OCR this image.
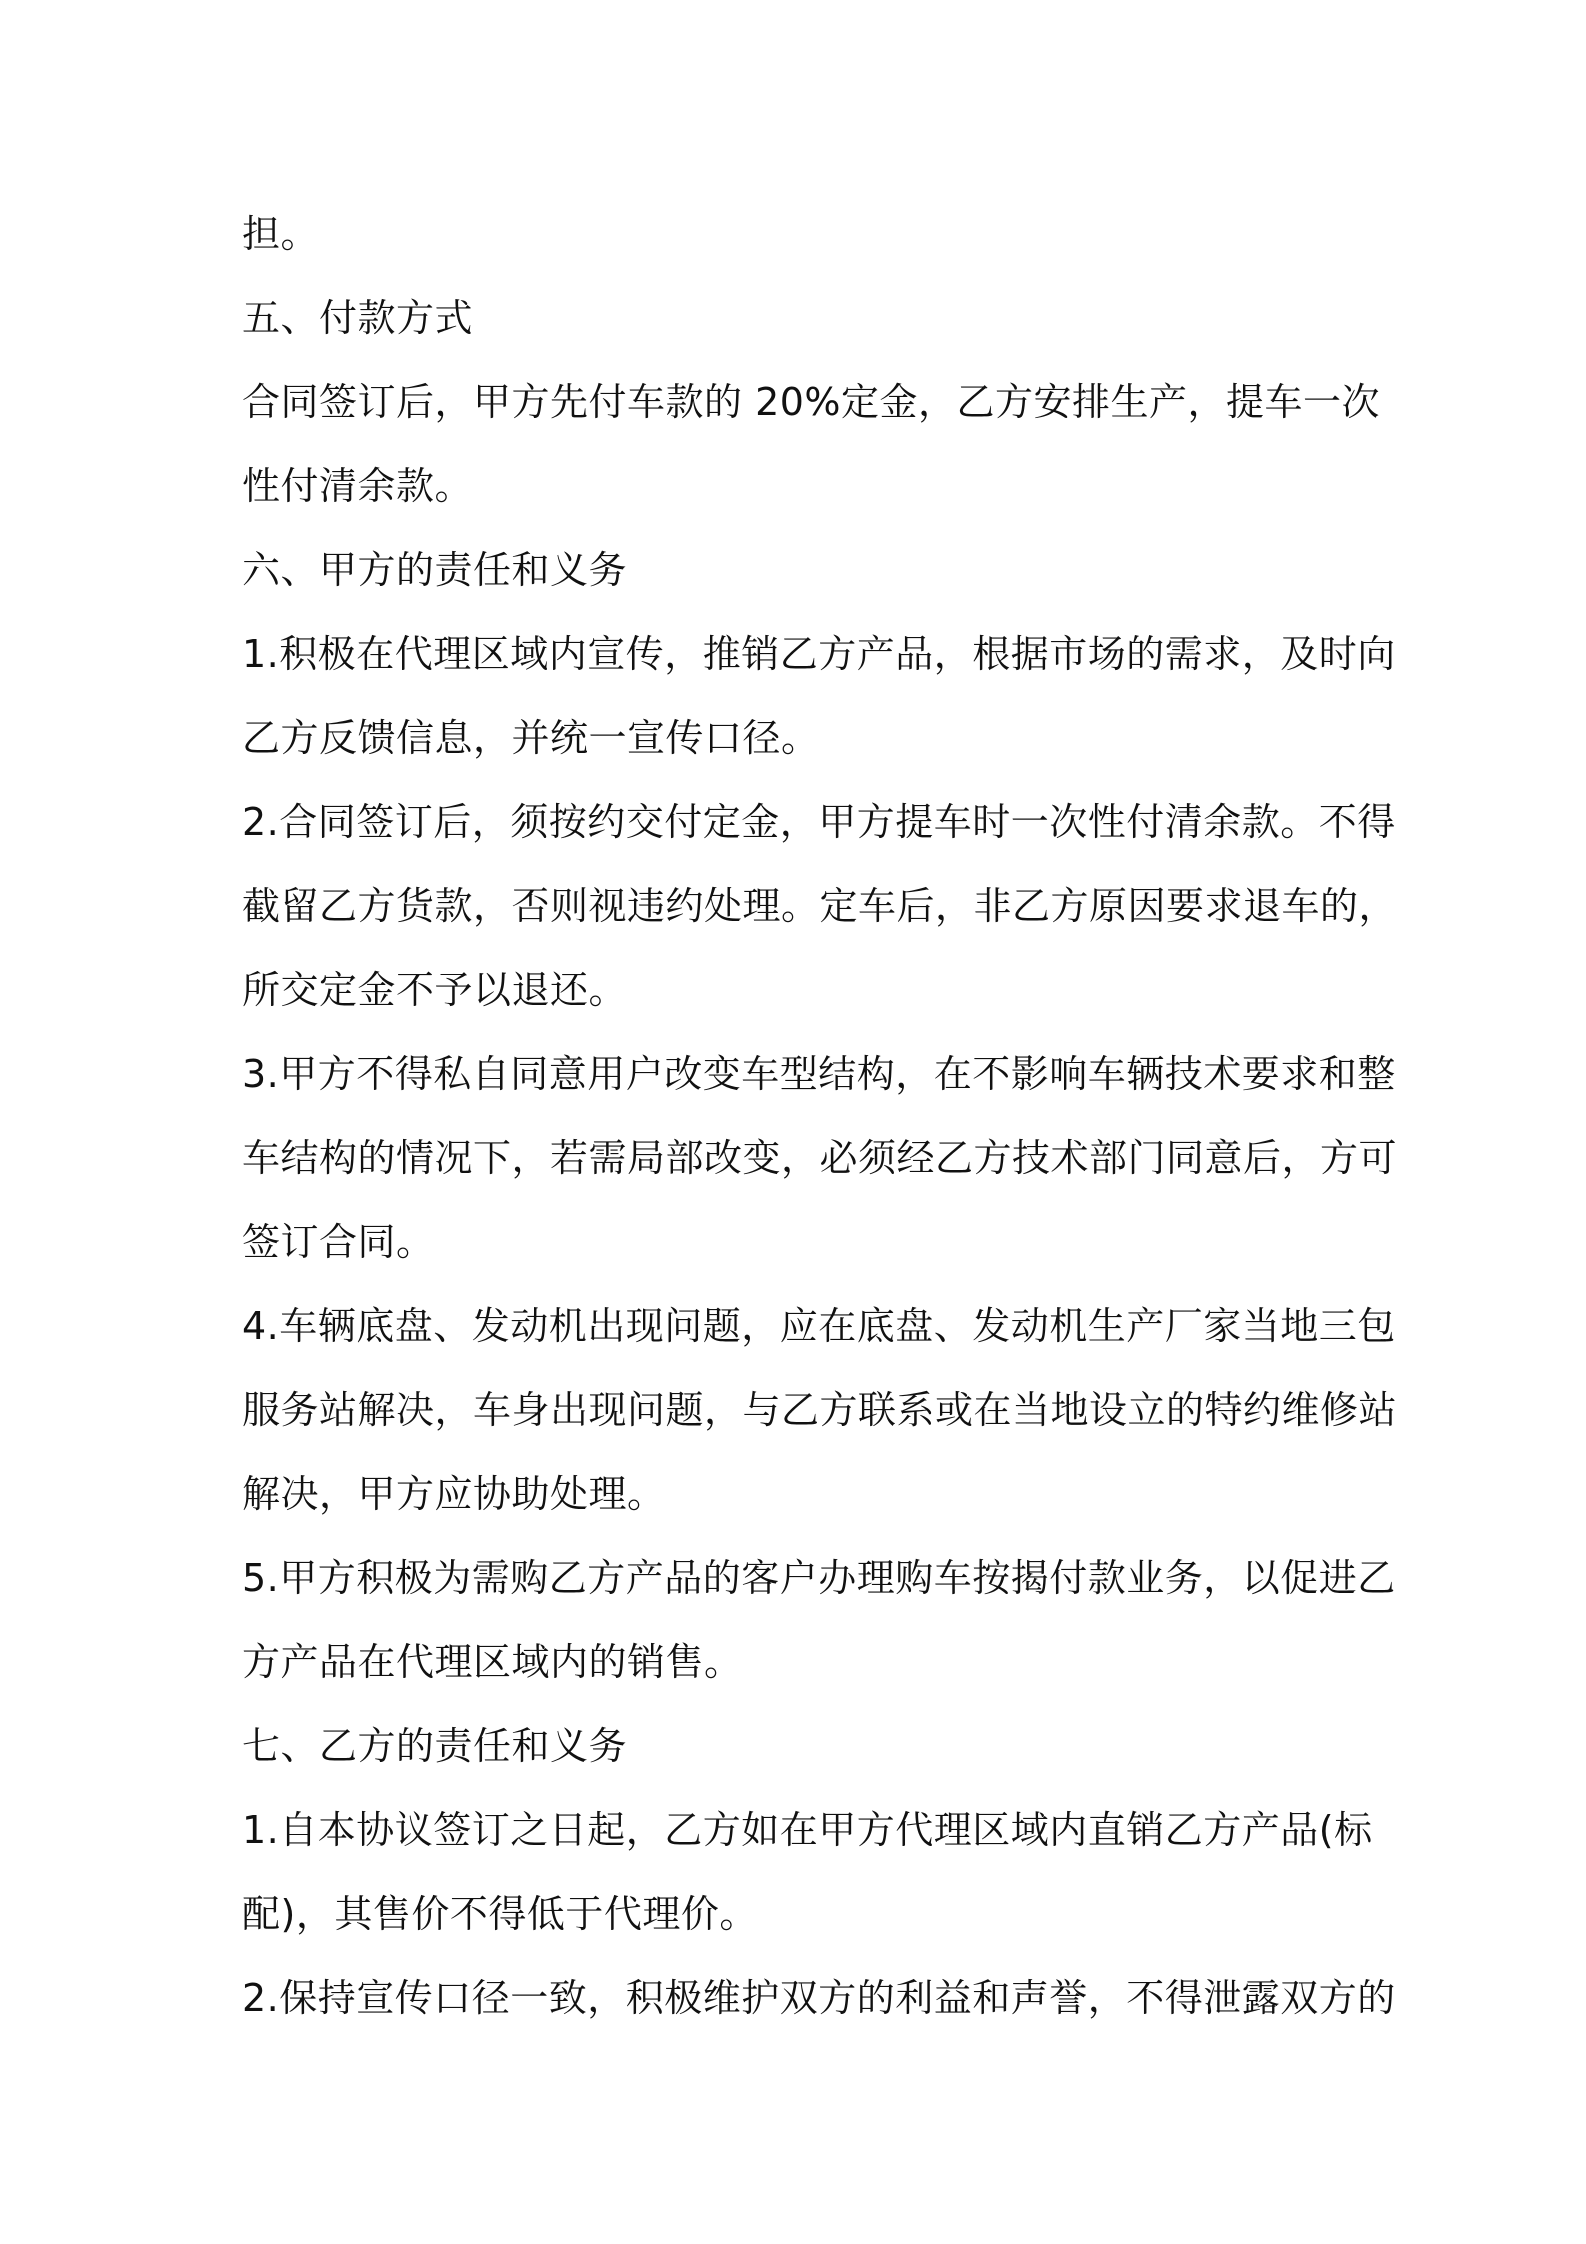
担。
五、付款方式
合同签订后，甲方先付车款的 20%定金，乙方安排生产，提车一次
性付清余款。
六、甲方的责任和义务
1.积极在代理区域内宣传，推销乙方产品，根据市场的需求，及时向
乙方反馈信息，并统一宣传口径。
2.合同签订后，须按约交付定金，甲方提车时一次性付清余款。不得
截留乙方货款，否则视违约处理。定车后，非乙方原因要求退车的，
所交定金不予以退还。
3.甲方不得私自同意用户改变车型结构，在不影响车辆技术要求和整
车结构的情况下，若需局部改变，必须经乙方技术部门同意后，方可
签订合同。
4.车辆底盘、发动机出现问题，应在底盘、发动机生产厂家当地三包
服务站解决，车身出现问题，与乙方联系或在当地设立的特约维修站
解决，甲方应协助处理。
5.甲方积极为需购乙方产品的客户办理购车按揭付款业务，以促进乙
方产品在代理区域内的销售。
七、乙方的责任和义务
1.自本协议签订之日起，乙方如在甲方代理区域内直销乙方产品(标
配)，其售价不得低于代理价。
2.保持宣传口径一致，积极维护双方的利益和声誉，不得泄露双方的
